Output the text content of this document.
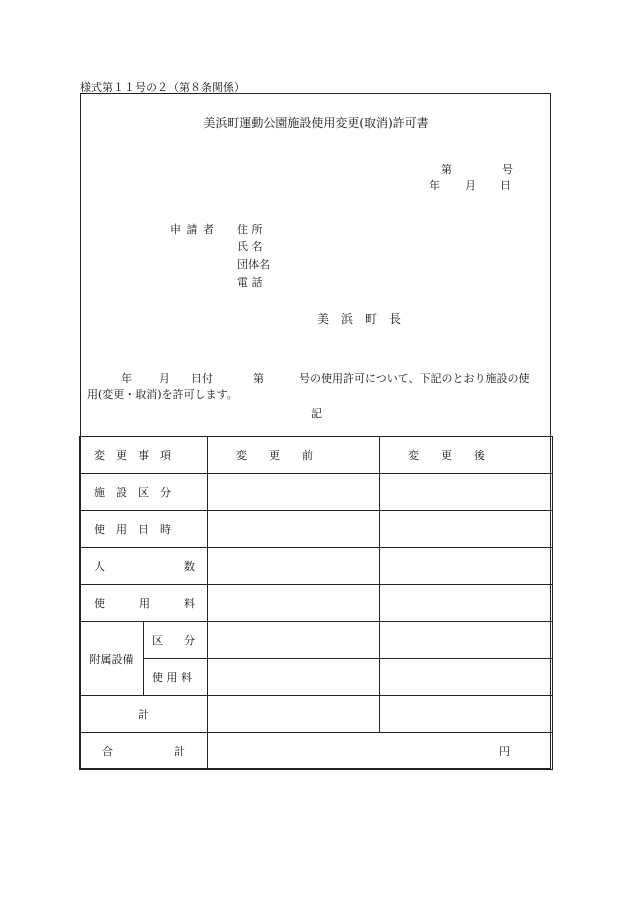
様式第１１号の２（第８条関係）
美浜町運動公園施設使用変更(取消)許可書
第	号
年 月 日
申 請 者 住 所
氏 名
団体名
電 話
美　浜　町　長
年 月 日付	第	号の使用許可について、下記のとおり施設の使
用(変更・取消)を許可します。
記
変　更　事　項		変　　更　　前	変　　更　　後
施　設　区　分			
使　用　日　時			

人 数			

使 用 料			

附属設備	区 分		

	使 用 料		
計			

合 計		円	
